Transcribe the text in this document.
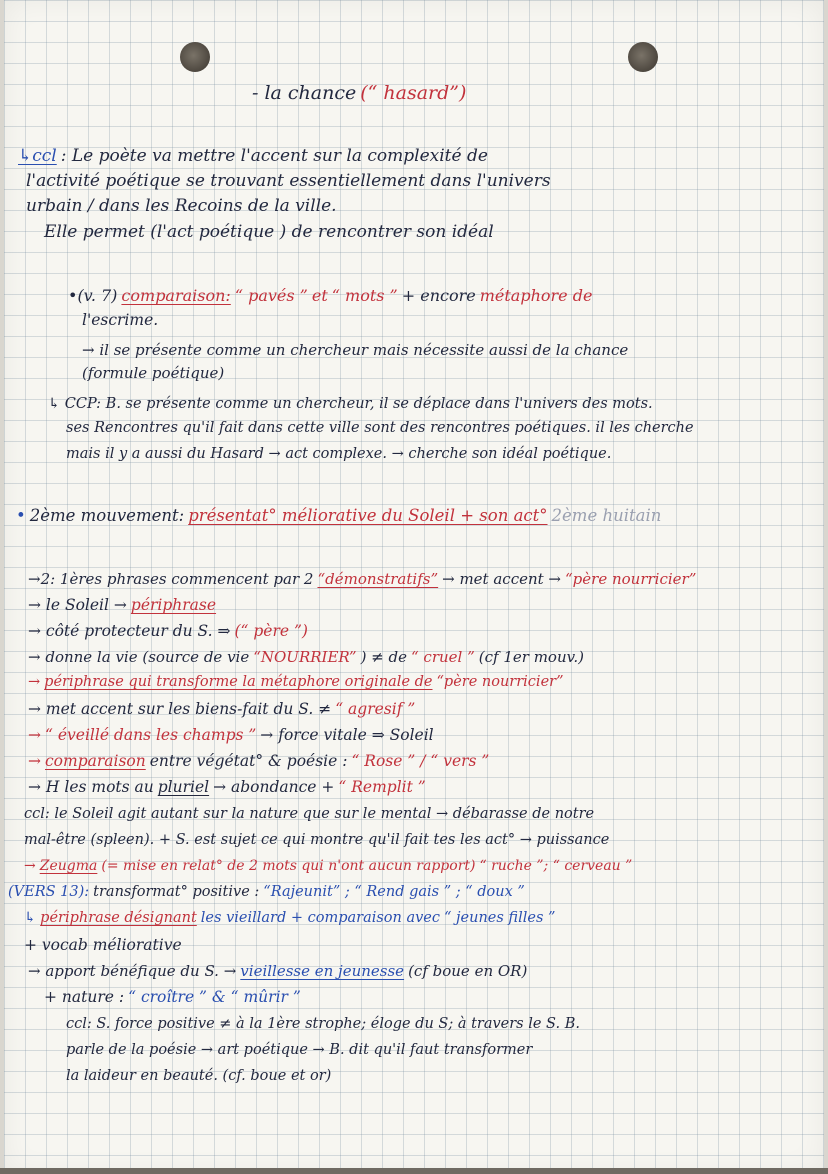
- la chance (“ hasard”)
↳ccl : Le poète va mettre l'accent sur la complexité de
l'activité poétique se trouvant essentiellement dans l'univers
urbain / dans les Recoins de la ville.
Elle permet (l'act poétique ) de rencontrer son idéal
•(v. 7) comparaison: “ pavés ” et “ mots ” + encore métaphore de
l'escrime.
→ il se présente comme un chercheur mais nécessite aussi de la chance
(formule poétique)
↳ CCP: B. se présente comme un chercheur, il se déplace dans l'univers des mots.
ses Rencontres qu'il fait dans cette ville sont des rencontres poétiques. il les cherche
mais il y a aussi du Hasard → act complexe. → cherche son idéal poétique.
• 2ème mouvement: présentat° méliorative du Soleil + son act° 2ème huitain
→2: 1ères phrases commencent par 2 “démonstratifs” → met accent → “père nourricier”
→ le Soleil → périphrase
→ côté protecteur du S. ⇒ (“ père ”)
→ donne la vie (source de vie “NOURRIER” ) ≠ de “ cruel ” (cf 1er mouv.)
→ périphrase qui transforme la métaphore originale de “père nourricier”
→ met accent sur les biens-fait du S. ≠ “ agresif ”
→ “ éveillé dans les champs ” → force vitale ⇒ Soleil
→ comparaison entre végétat° & poésie : “ Rose ” / “ vers ”
→ H les mots au pluriel → abondance + “ Remplit ”
ccl: le Soleil agit autant sur la nature que sur le mental → débarasse de notre
mal-être (spleen). + S. est sujet ce qui montre qu'il fait tes les act° → puissance
→ Zeugma (= mise en relat° de 2 mots qui n'ont aucun rapport) “ ruche ”; “ cerveau ”
(VERS 13): transformat° positive : “Rajeunit” ; “ Rend gais ” ; “ doux ”
↳ périphrase désignant les vieillard + comparaison avec “ jeunes filles ”
+ vocab méliorative
→ apport bénéfique du S. → vieillesse en jeunesse (cf boue en OR)
+ nature : “ croître ” & “ mûrir ”
ccl: S. force positive ≠ à la 1ère strophe; éloge du S; à travers le S. B.
parle de la poésie → art poétique → B. dit qu'il faut transformer
la laideur en beauté. (cf. boue et or)
